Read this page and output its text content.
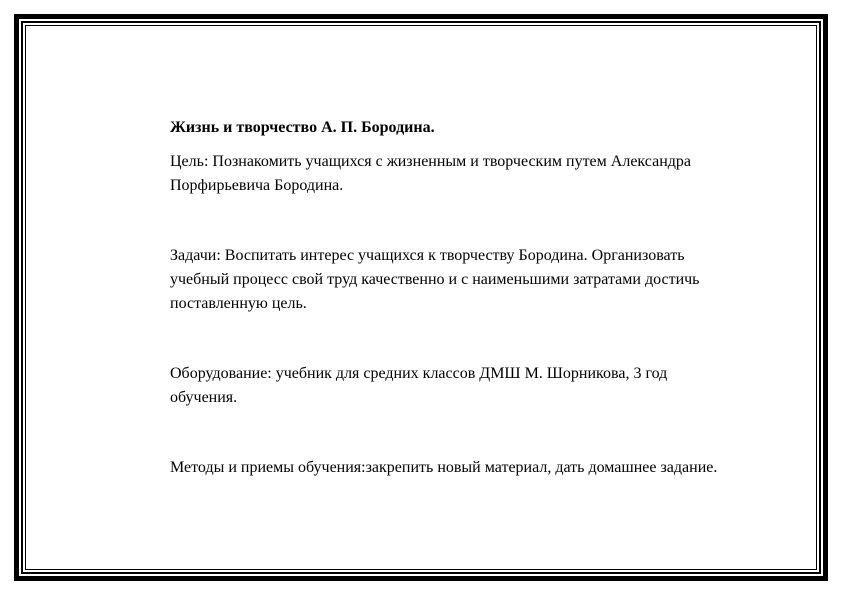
Жизнь и творчество А. П. Бородина.

Цель: Познакомить учащихся с жизненным и творческим путем Александра Порфирьевича Бородина.

Задачи: Воспитать интерес учащихся к творчеству Бородина. Организовать учебный процесс свой труд качественно и с наименьшими затратами достичь поставленную цель.

Оборудование: учебник для средних классов ДМШ М. Шорникова, 3 год обучения.

Методы и приемы обучения:закрепить новый материал, дать домашнее задание.
